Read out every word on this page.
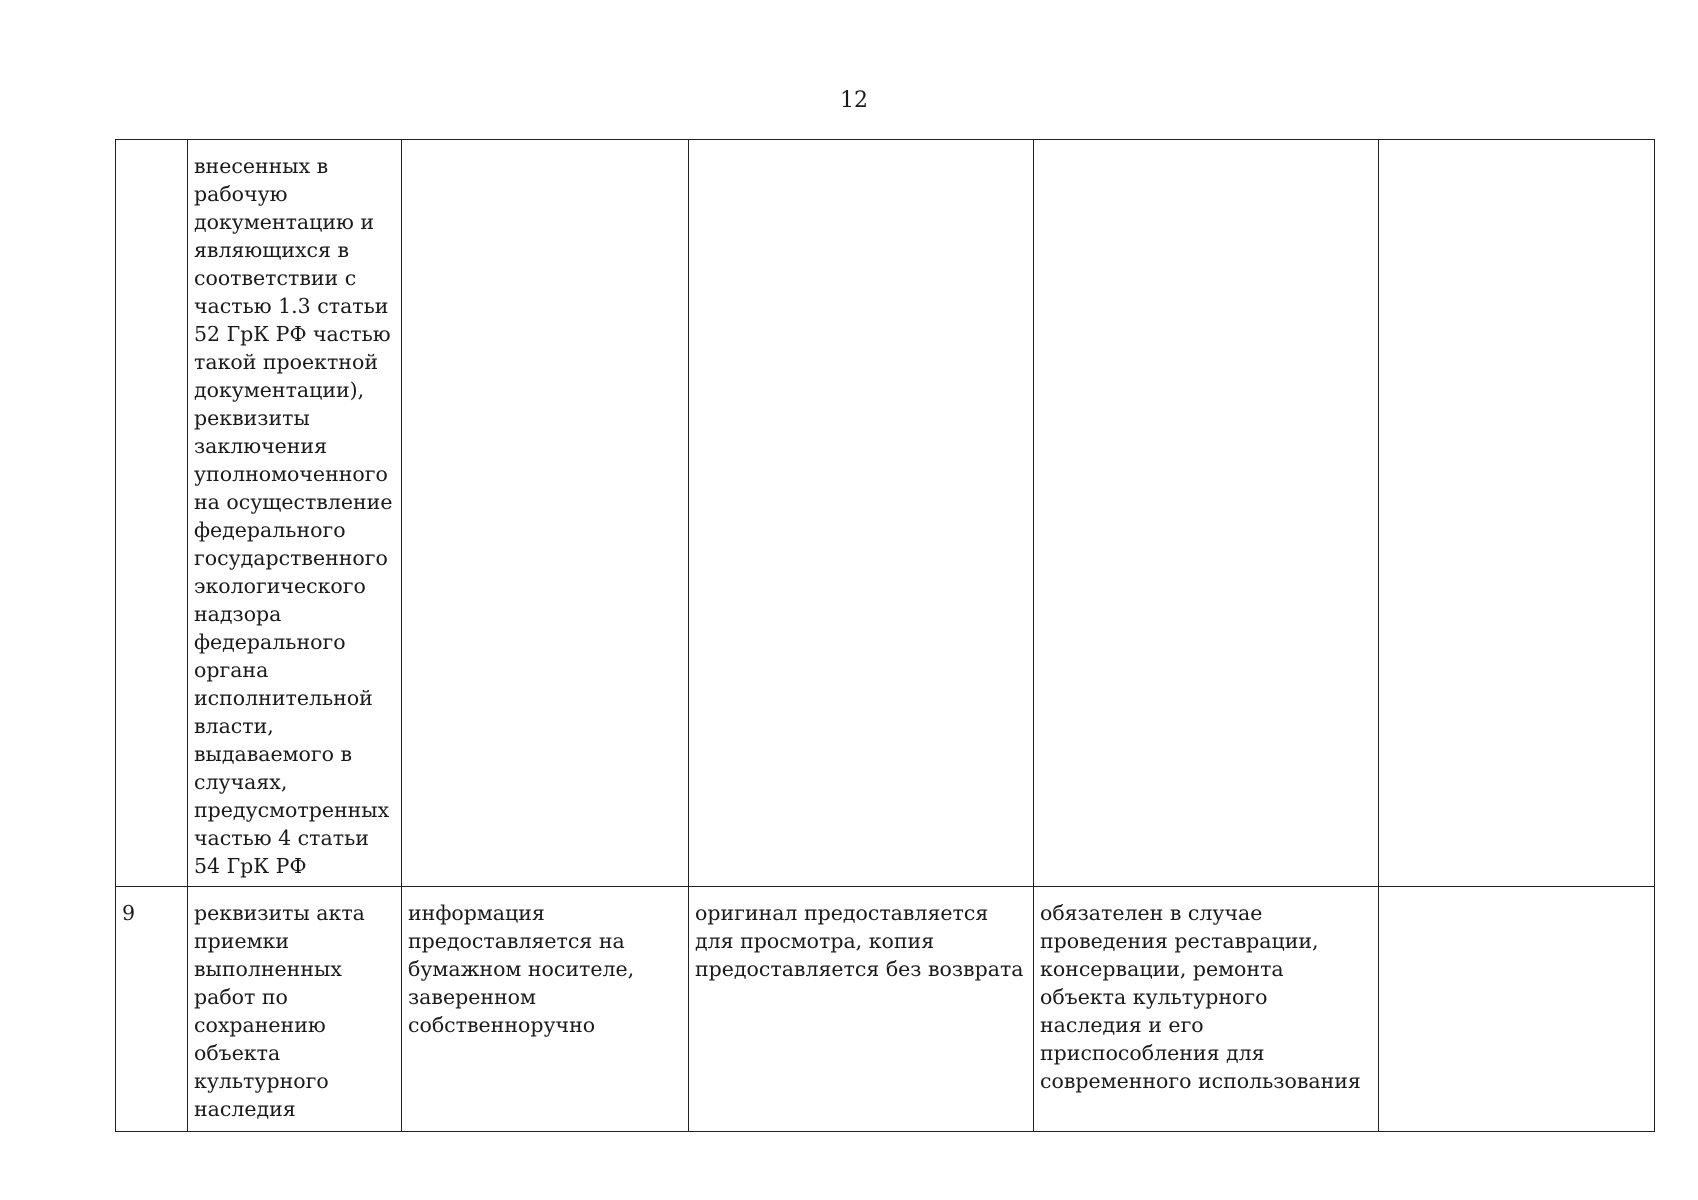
12

	внесенных в рабочую документацию и являющихся в соответствии с частью 1.3 статьи 52 ГрК РФ частью такой проектной документации), реквизиты заключения уполномоченного на осуществление федерального государственного экологического надзора федерального органа исполнительной власти, выдаваемого в случаях, предусмотренных частью 4 статьи 54 ГрК РФ				

9	реквизиты акта приемки выполненных работ по сохранению объекта культурного наследия	информация предоставляется на бумажном носителе, заверенном собственноручно	оригинал предоставляется для просмотра, копия предоставляется без возврата	обязателен в случае проведения реставрации, консервации, ремонта объекта культурного наследия и его приспособления для современного использования	
